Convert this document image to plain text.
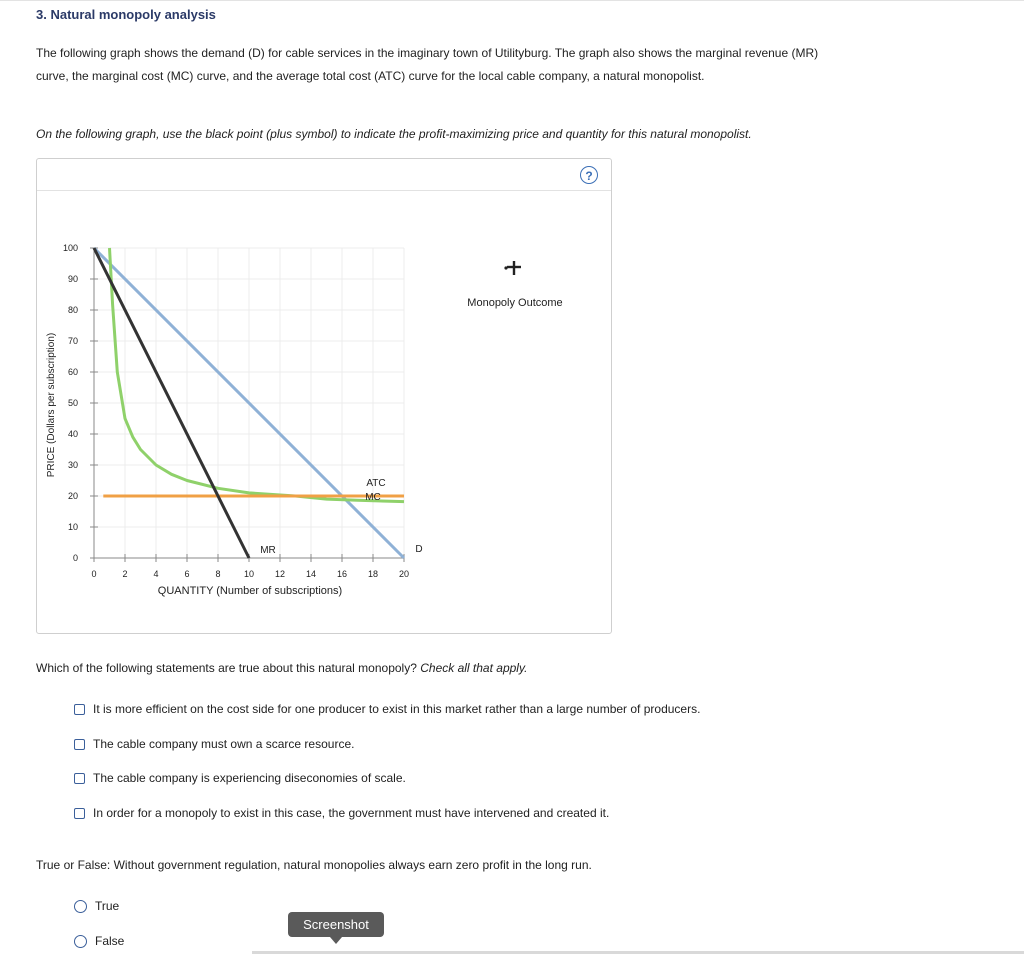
3. Natural monopoly analysis
The following graph shows the demand (D) for cable services in the imaginary town of Utilityburg. The graph also shows the marginal revenue (MR)
curve, the marginal cost (MC) curve, and the average total cost (ATC) curve for the local cable company, a natural monopolist.
On the following graph, use the black point (plus symbol) to indicate the profit-maximizing price and quantity for this natural monopolist.
?
0	2	4	6	8	10 12 14 16 18 20
0
10
20
30
40
50
60
70
80
90
100
MR
ATC
MC
D
QUANTITY (Number of subscriptions)
PRICE (Dollars per subscription)
Monopoly Outcome
Which of the following statements are true about this natural monopoly? Check all that apply.
It is more efficient on the cost side for one producer to exist in this market rather than a large number of producers.
The cable company must own a scarce resource.
The cable company is experiencing diseconomies of scale.
In order for a monopoly to exist in this case, the government must have intervened and created it.
True or False: Without government regulation, natural monopolies always earn zero profit in the long run.
True
False
Screenshot
